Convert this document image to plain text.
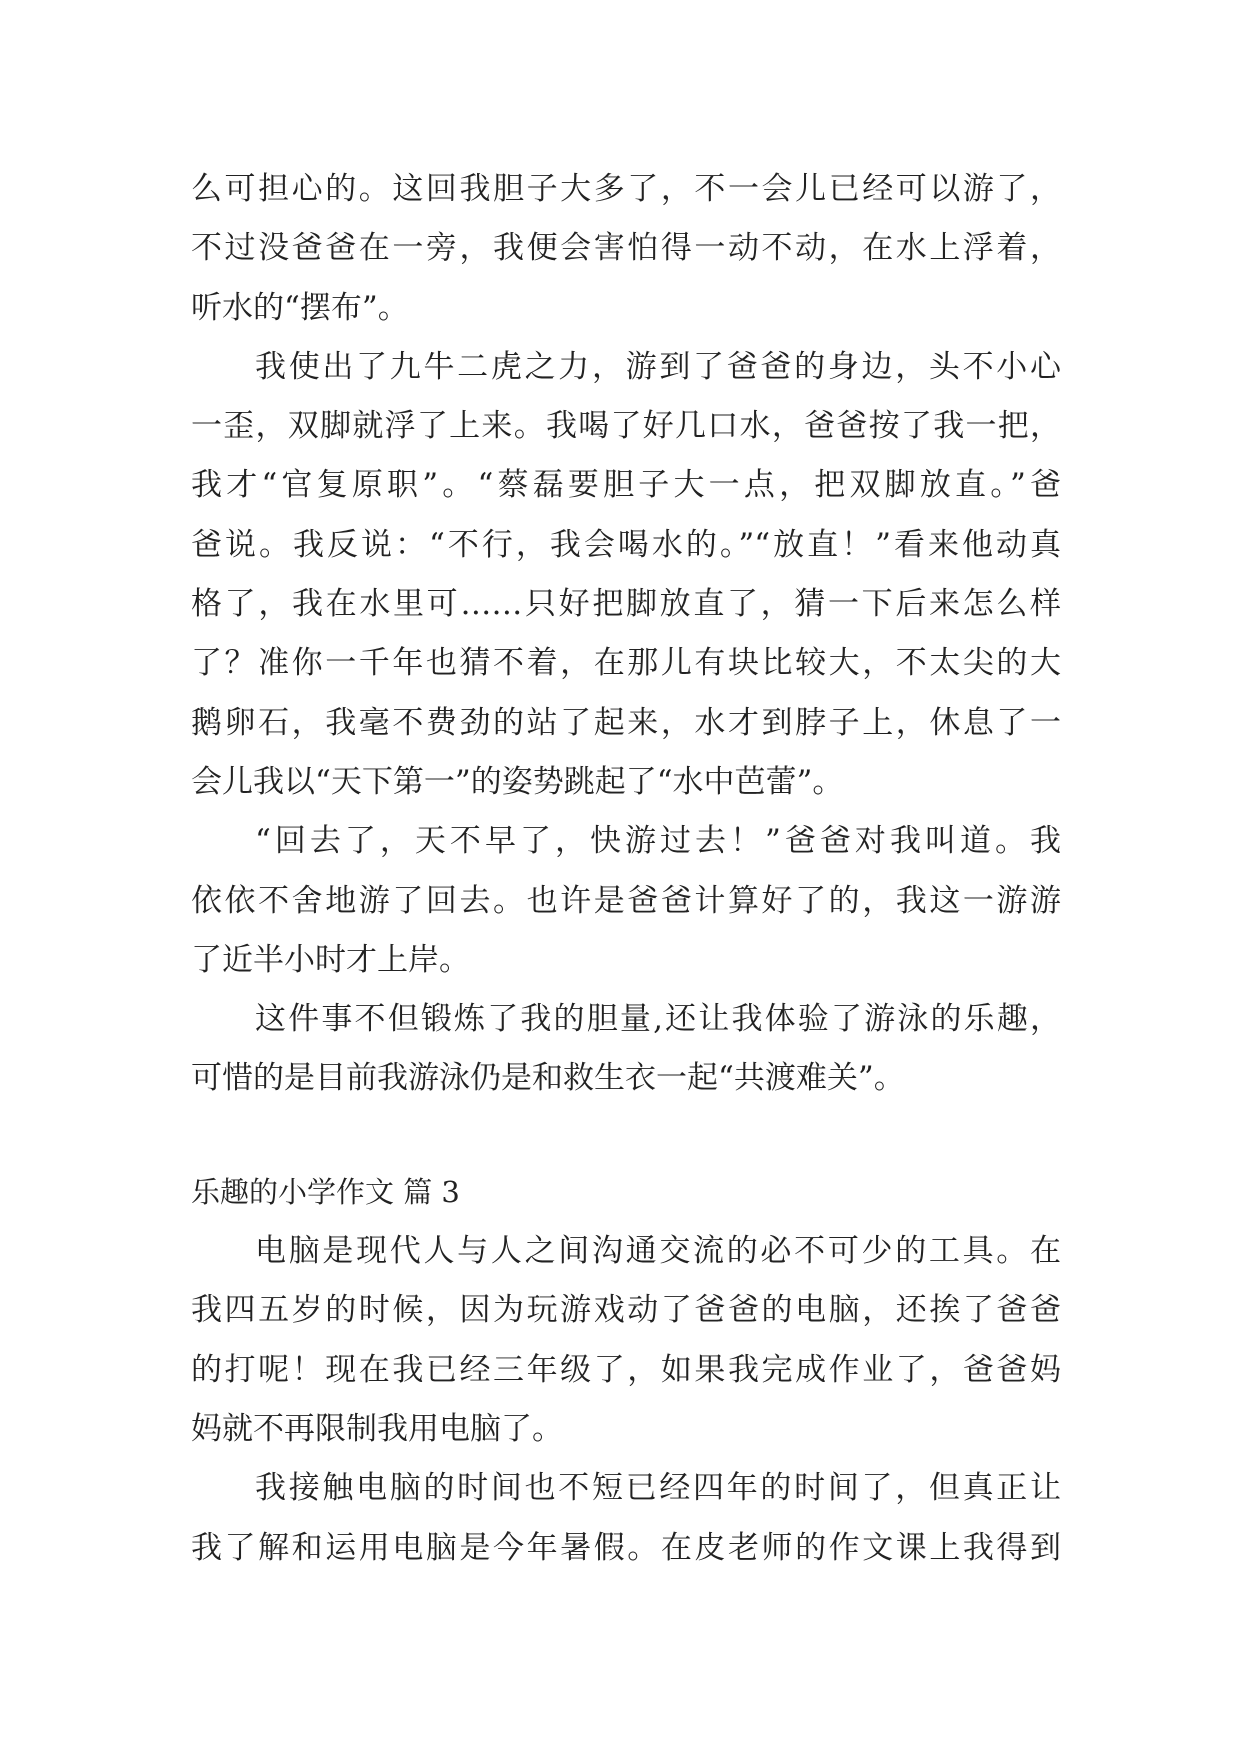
么可担心的。这回我胆子大多了，不一会儿已经可以游了，
不过没爸爸在一旁，我便会害怕得一动不动，在水上浮着，
听水的“摆布”。
我使出了九牛二虎之力，游到了爸爸的身边，头不小心
一歪，双脚就浮了上来。我喝了好几口水，爸爸按了我一把，
我才“官复原职”。“蔡磊要胆子大一点，把双脚放直。”爸
爸说。我反说：“不行，我会喝水的。”“放直！”看来他动真
格了，我在水里可……只好把脚放直了，猜一下后来怎么样
了？准你一千年也猜不着，在那儿有块比较大，不太尖的大
鹅卵石，我毫不费劲的站了起来，水才到脖子上，休息了一
会儿我以“天下第一”的姿势跳起了“水中芭蕾”。
“回去了，天不早了，快游过去！”爸爸对我叫道。我
依依不舍地游了回去。也许是爸爸计算好了的，我这一游游
了近半小时才上岸。
这件事不但锻炼了我的胆量,还让我体验了游泳的乐趣，
可惜的是目前我游泳仍是和救生衣一起“共渡难关”。
乐趣的小学作文 篇 3
电脑是现代人与人之间沟通交流的必不可少的工具。在
我四五岁的时候，因为玩游戏动了爸爸的电脑，还挨了爸爸
的打呢！现在我已经三年级了，如果我完成作业了，爸爸妈
妈就不再限制我用电脑了。
我接触电脑的时间也不短已经四年的时间了，但真正让
我了解和运用电脑是今年暑假。在皮老师的作文课上我得到
